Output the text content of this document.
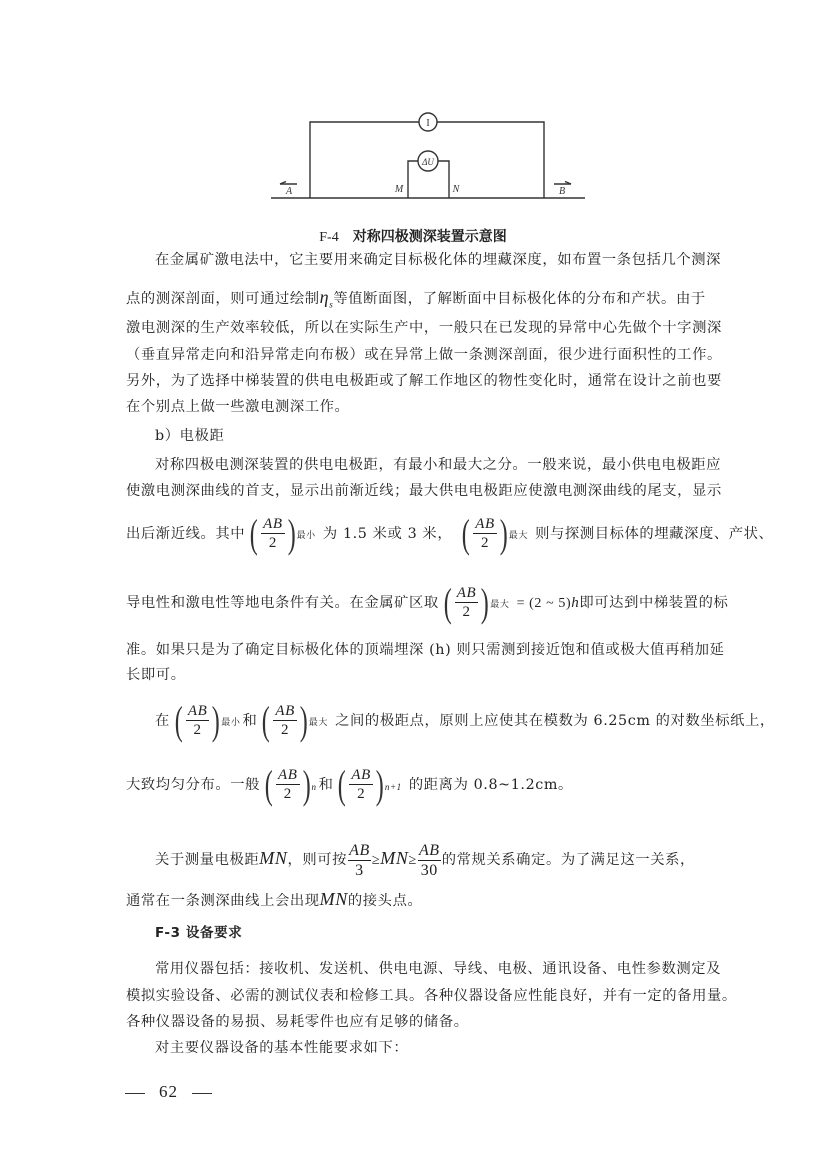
I
ΔU
A	B
M	N
F-4 对称四极测深装置示意图
在金属矿激电法中，它主要用来确定目标极化体的埋藏深度，如布置一条包括几个测深
点的测深剖面，则可通过绘制$\eta_s$等值断面图，了解断面中目标极化体的分布和产状。由于
激电测深的生产效率较低，所以在实际生产中，一般只在已发现的异常中心先做个十字测深
（垂直异常走向和沿异常走向布极）或在异常上做一条测深剖面，很少进行面积性的工作。
另外，为了选择中梯装置的供电电极距或了解工作地区的物性变化时，通常在设计之前也要
在个别点上做一些激电测深工作。
b）电极距
对称四极电测深装置的供电电极距，有最小和最大之分。一般来说，最小供电电极距应
使激电测深曲线的首支，显示出前渐近线；最大供电电极距应使激电测深曲线的尾支，显示
出后渐近线。其中 ( $\frac{AB}{2}$ ) 最小 为 1.5 米或 3 米， ( $\frac{AB}{2}$ ) 最大 则与探测目标体的埋藏深度、产状、
导电性和激电性等地电条件有关。在金属矿区取 ( $\frac{AB}{2}$ ) 最大 = (2 ~ 5)h即可达到中梯装置的标
准。如果只是为了确定目标极化体的顶端埋深 (h) 则只需测到接近饱和值或极大值再稍加延
长即可。
在 ( $\frac{AB}{2}$ ) 最小 和 ( $\frac{AB}{2}$ ) 最大 之间的极距点，原则上应使其在模数为 6.25cm 的对数坐标纸上，
大致均匀分布。一般 ( $\frac{AB}{2}$ ) n 和 ( $\frac{AB}{2}$ ) n+1 的距离为 0.8~1.2cm。
关于测量电极距MN，则可按 $\frac{AB}{3} \ge MN\ge \frac{AB}{30}$ 的常规关系确定。为了满足这一关系，
通常在一条测深曲线上会出现MN的接头点。
F-3 设备要求
常用仪器包括：接收机、发送机、供电电源、导线、电极、通讯设备、电性参数测定及
模拟实验设备、必需的测试仪表和检修工具。各种仪器设备应性能良好，并有一定的备用量。
各种仪器设备的易损、易耗零件也应有足够的储备。
对主要仪器设备的基本性能要求如下：
62
